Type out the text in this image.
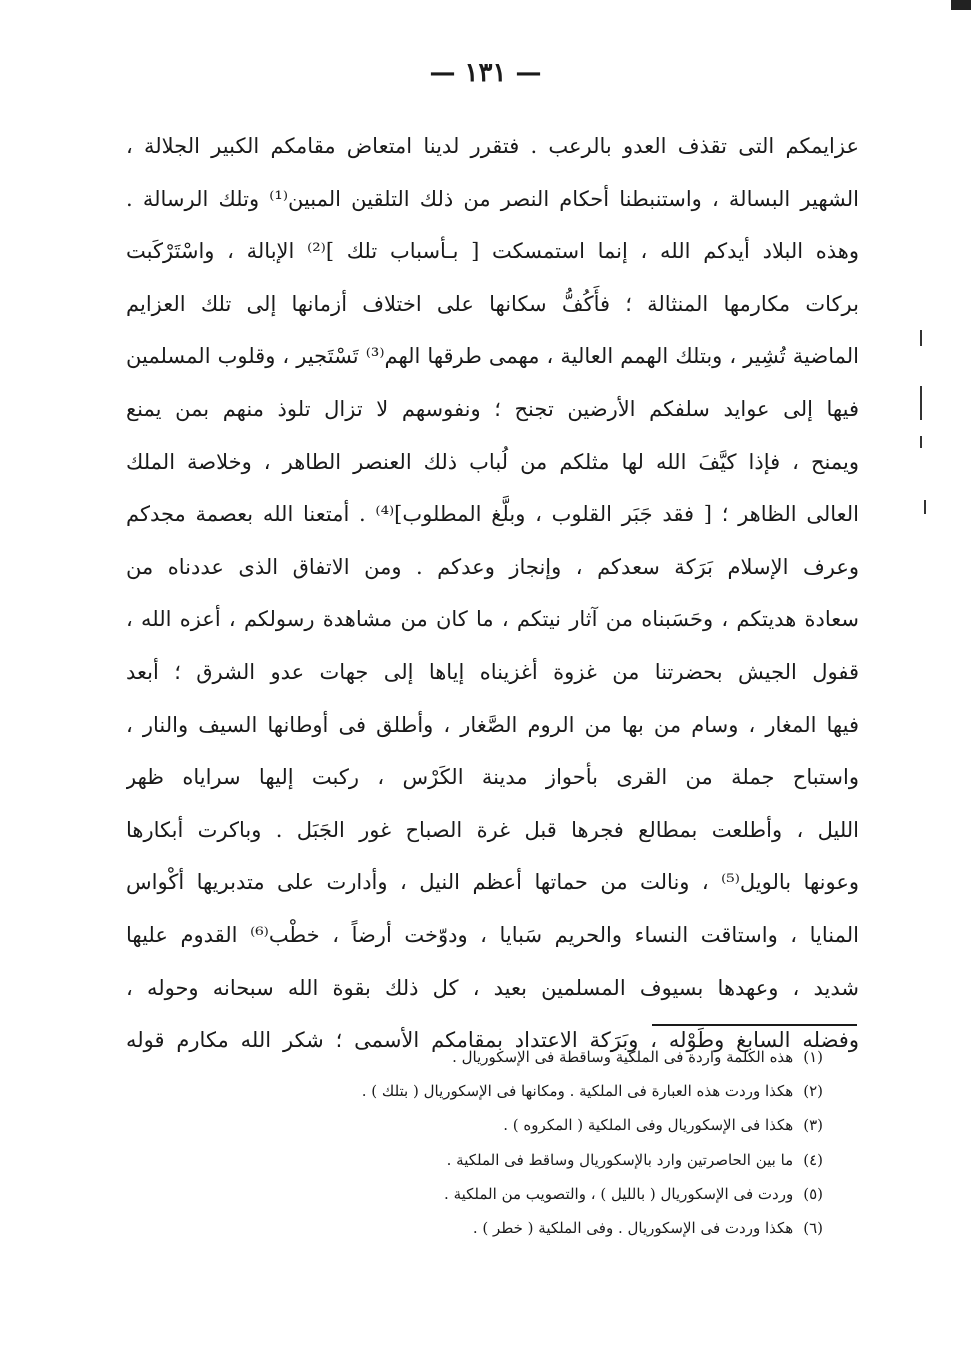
— ١٣١ —
عزايمكم التى تقذف العدو بالرعب . فتقرر لدينا امتعاض مقامكم الكبير الجلالة ،
الشهير البسالة ، واستنبطنا أحكام النصر من ذلك التلقين المبين⁽¹⁾ وتلك الرسالة .
وهذه البلاد أيدكم الله ، إنما استمسكت [ بـأسباب تلك ]⁽²⁾ الإبالة ، واسْتَرْكَبت
بركات مكارمها المنثالة ؛ فأَكُفُّ سكانها على اختلاف أزمانها إلى تلك العزايم
الماضية تُشِير ، وبتلك الهمم العالية ، مهمى طرقها الهم⁽³⁾ تَسْتَجير ، وقلوب المسلمين
فيها إلى عوايد سلفكم الأرضين تجنح ؛ ونفوسهم لا تزال تلوذ منهم بمن يمنع
ويمنح ، فإذا كيَّفَ الله لها مثلكم من لُباب ذلك العنصر الطاهر ، وخلاصة الملك
العالى الظاهر ؛ [ فقد جَبَر القلوب ، وبلَّغ المطلوب]⁽⁴⁾ . أمتعنا الله بعصمة مجدكم
وعرف الإسلام بَرَكة سعدكم ، وإنجاز وعدكم . ومن الاتفاق الذى عددناه من
سعادة هديتكم ، وحَسَبناه من آثار نيتكم ، ما كان من مشاهدة رسولكم ، أعزه الله ،
قفول الجيش بحضرتنا من غزوة أغزيناه إياها إلى جهات عدو الشرق ؛ أبعد
فيها المغار ، وسام من بها من الروم الصَّغار ، وأطلق فى أوطانها السيف والنار ،
واستباح جملة من القرى بأحواز مدينة الكَرْس ، ركبت إليها سراياه ظهر
الليل ، وأطلعت بمطالع فجرها قبل غرة الصباح غور الجَبَل . وباكرت أبكارها
وعونها بالويل⁽⁵⁾ ، ونالت من حماتها أعظم النيل ، وأدارت على متدبريها أكْواس
المنايا ، واستاقت النساء والحريم سَبايا ، ودوّخت أرضاً ، خطْب⁽⁶⁾ القدوم عليها
شديد ، وعهدها بسيوف المسلمين بعيد ، كل ذلك بقوة الله سبحانه وحوله ،
وفضله السابغ وطَوْله ، وبَرَكة الاعتداد بمقامكم الأسمى ؛ شكر الله مكارم قوله
(١)هذه الكلمة واردة فى الملكية وساقطة فى الإسكوريال .
(٢)هكذا وردت هذه العبارة فى الملكية . ومكانها فى الإسكوريال ( بتلك ) .
(٣)هكذا فى الإسكوريال وفى الملكية ( المكروه ) .
(٤)ما بين الحاصرتين وارد بالإسكوريال وساقط فى الملكية .
(٥)وردت فى الإسكوريال ( بالليل ) ، والتصويب من الملكية .
(٦)هكذا وردت فى الإسكوريال . وفى الملكية ( خطر ) .
